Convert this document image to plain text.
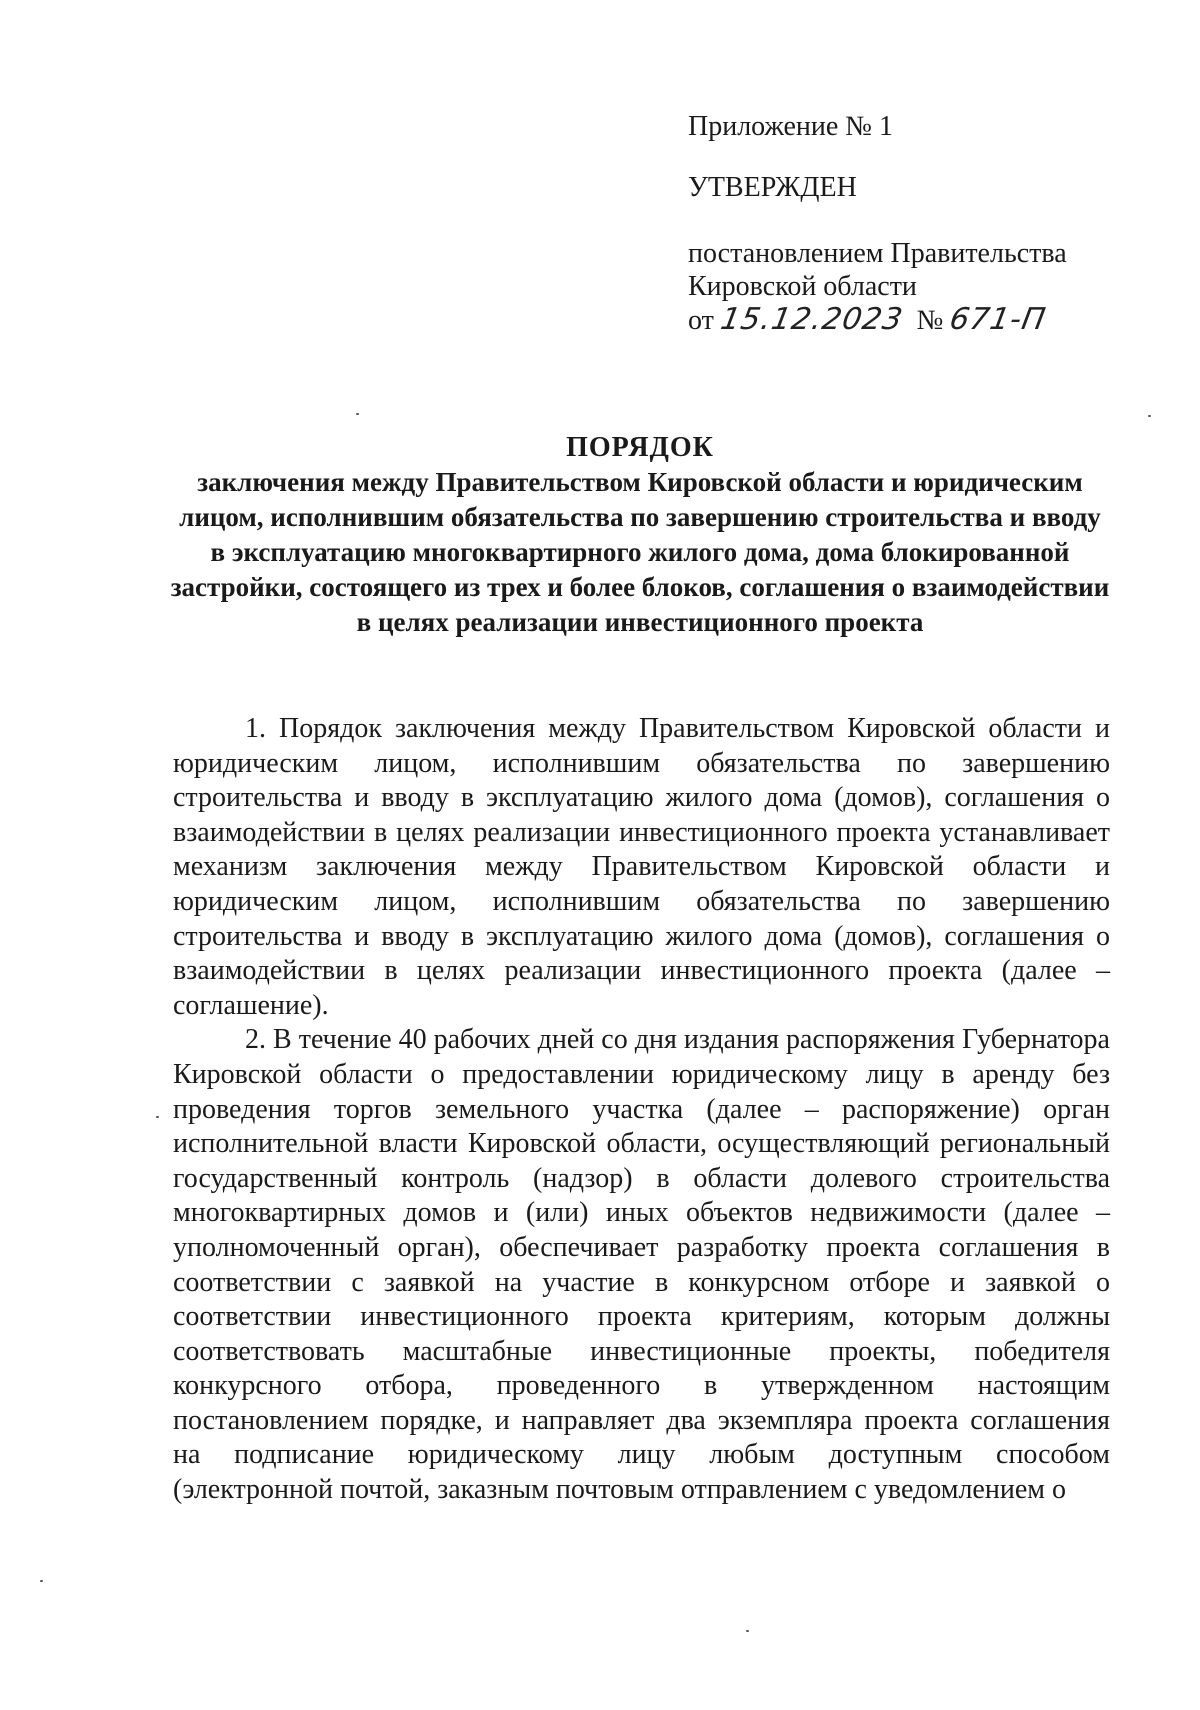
Приложение № 1

УТВЕРЖДЕН

постановлением Правительства
Кировской области

от 15.12.2023 № 671-П

ПОРЯДОК

заключения между Правительством Кировской области и юридическим лицом, исполнившим обязательства по завершению строительства и вводу в эксплуатацию многоквартирного жилого дома, дома блокированной застройки, состоящего из трех и более блоков, соглашения о взаимодействии в целях реализации инвестиционного проекта

1. Порядок заключения между Правительством Кировской области и юридическим лицом, исполнившим обязательства по завершению строительства и вводу в эксплуатацию жилого дома (домов), соглашения о взаимодействии в целях реализации инвестиционного проекта устанавливает механизм заключения между Правительством Кировской области и юридическим лицом, исполнившим обязательства по завершению строительства и вводу в эксплуатацию жилого дома (домов), соглашения о взаимодействии в целях реализации инвестиционного проекта (далее – соглашение).

2. В течение 40 рабочих дней со дня издания распоряжения Губернатора Кировской области о предоставлении юридическому лицу в аренду без проведения торгов земельного участка (далее – распоряжение) орган исполнительной власти Кировской области, осуществляющий региональный государственный контроль (надзор) в области долевого строительства многоквартирных домов и (или) иных объектов недвижимости (далее – уполномоченный орган), обеспечивает разработку проекта соглашения в соответствии с заявкой на участие в конкурсном отборе и заявкой о соответствии инвестиционного проекта критериям, которым должны соответствовать масштабные инвестиционные проекты, победителя конкурсного отбора, проведенного в утвержденном настоящим постановлением порядке, и направляет два экземпляра проекта соглашения на подписание юридическому лицу любым доступным способом (электронной почтой, заказным почтовым отправлением с уведомлением о
